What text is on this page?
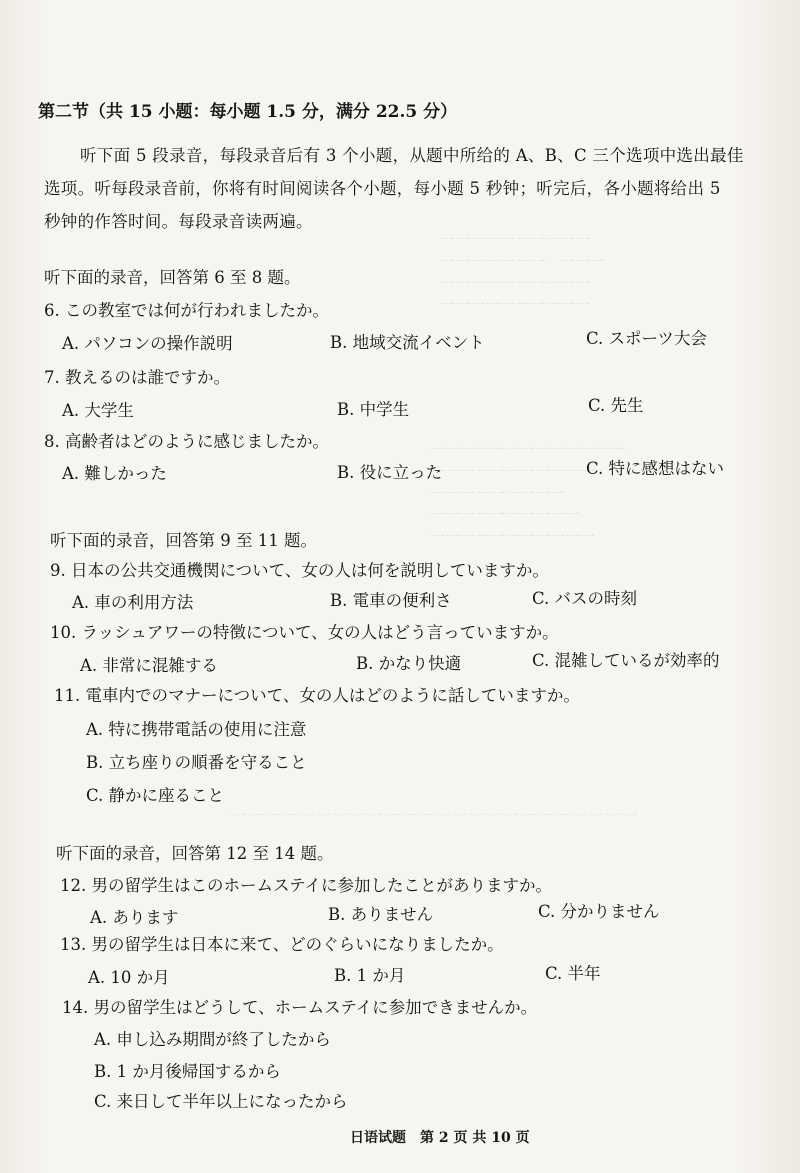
一一一一一一一一一一
一一一一一一一　一一一
一一一一一一一一一一
一一一一一一一一一一
一一一一一一一一一一一一一
一一一一一一一一一一一
一一一一一一一一一
一一一一一一一一一一
一一一一一一一一一一一
一一一一一一一一一一一一一一一一一一一一一一一一
第二节（共 15 小题：每小题 1.5 分，满分 22.5 分）
听下面 5 段录音，每段录音后有 3 个小题，从题中所给的 A、B、C 三个选项中选出最佳
选项。听每段录音前，你将有时间阅读各个小题，每小题 5 秒钟；听完后，各小题将给出 5
秒钟的作答时间。每段录音读两遍。
听下面的录音，回答第 6 至 8 题。
6. この教室では何が行われましたか。
A. パソコンの操作説明	B. 地域交流イベント	C. スポーツ大会
7. 教えるのは誰ですか。
A. 大学生	B. 中学生	C. 先生
8. 高齢者はどのように感じましたか。
A. 難しかった	B. 役に立った	C. 特に感想はない
听下面的录音，回答第 9 至 11 题。
9. 日本の公共交通機関について、女の人は何を説明していますか。
A. 車の利用方法	B. 電車の便利さ	C. バスの時刻
10. ラッシュアワーの特徴について、女の人はどう言っていますか。
A. 非常に混雑する	B. かなり快適	C. 混雑しているが効率的
11. 電車内でのマナーについて、女の人はどのように話していますか。
A. 特に携帯電話の使用に注意
B. 立ち座りの順番を守ること
C. 静かに座ること
听下面的录音，回答第 12 至 14 题。
12. 男の留学生はこのホームステイに参加したことがありますか。
A. あります	B. ありません	C. 分かりません
13. 男の留学生は日本に来て、どのぐらいになりましたか。
A. 10 か月	B. 1 か月	C. 半年
14. 男の留学生はどうして、ホームステイに参加できませんか。
A. 申し込み期間が終了したから
B. 1 か月後帰国するから
C. 来日して半年以上になったから
日语试题　第 2 页 共 10 页
